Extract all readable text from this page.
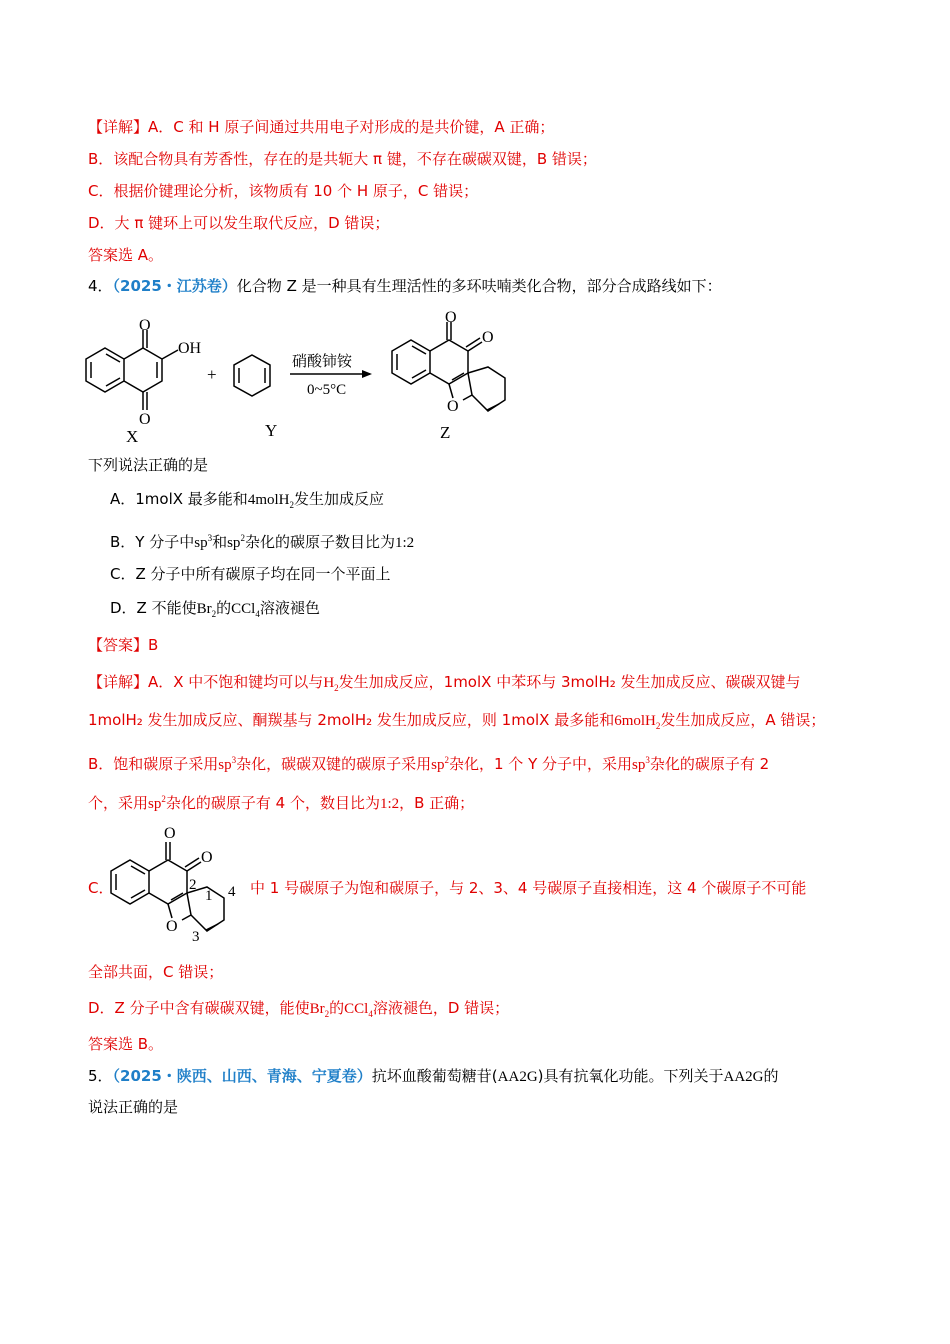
【详解】A．C 和 H 原子间通过共用电子对形成的是共价键，A 正确；
B．该配合物具有芳香性，存在的是共轭大 π 键，不存在碳碳双键，B 错误；
C．根据价键理论分析，该物质有 10 个 H 原子，C 错误；
D．大 π 键环上可以发生取代反应，D 错误；
答案选 A。
4．（2025・江苏卷）化合物 Z 是一种具有生理活性的多环呋喃类化合物，部分合成路线如下：
O
O
OH
X
+
Y
硝酸铈铵
0~5°C
O
O
O
Z
下列说法正确的是
A．1molX 最多能和4molH$_2$发生加成反应
B．Y 分子中$sp^3$和$sp^2$杂化的碳原子数目比为1:2
C．Z 分子中所有碳原子均在同一个平面上
D．Z 不能使$Br_2$的CCl$_4$溶液褪色
【答案】B
【详解】A．X 中不饱和键均可以与$H_2$发生加成反应，1molX 中苯环与 3molH₂ 发生加成反应、碳碳双键与
1molH₂ 发生加成反应、酮羰基与 2molH₂ 发生加成反应，则 1molX 最多能和6molH$_2$发生加成反应，A 错误；
B．饱和碳原子采用$sp^3$杂化，碳碳双键的碳原子采用$sp^2$杂化，1 个 Y 分子中，采用$sp^3$杂化的碳原子有 2
个，采用$sp^2$杂化的碳原子有 4 个，数目比为1:2，B 正确；
C．
O
O
O
2
1 4
3
中 1 号碳原子为饱和碳原子，与 2、3、4 号碳原子直接相连，这 4 个碳原子不可能
全部共面，C 错误；
D．Z 分子中含有碳碳双键，能使$Br_2$的CCl$_4$溶液褪色，D 错误；
答案选 B。
5．（2025・陕西、山西、青海、宁夏卷）抗坏血酸葡萄糖苷(AA2G)具有抗氧化功能。下列关于AA2G的
说法正确的是
